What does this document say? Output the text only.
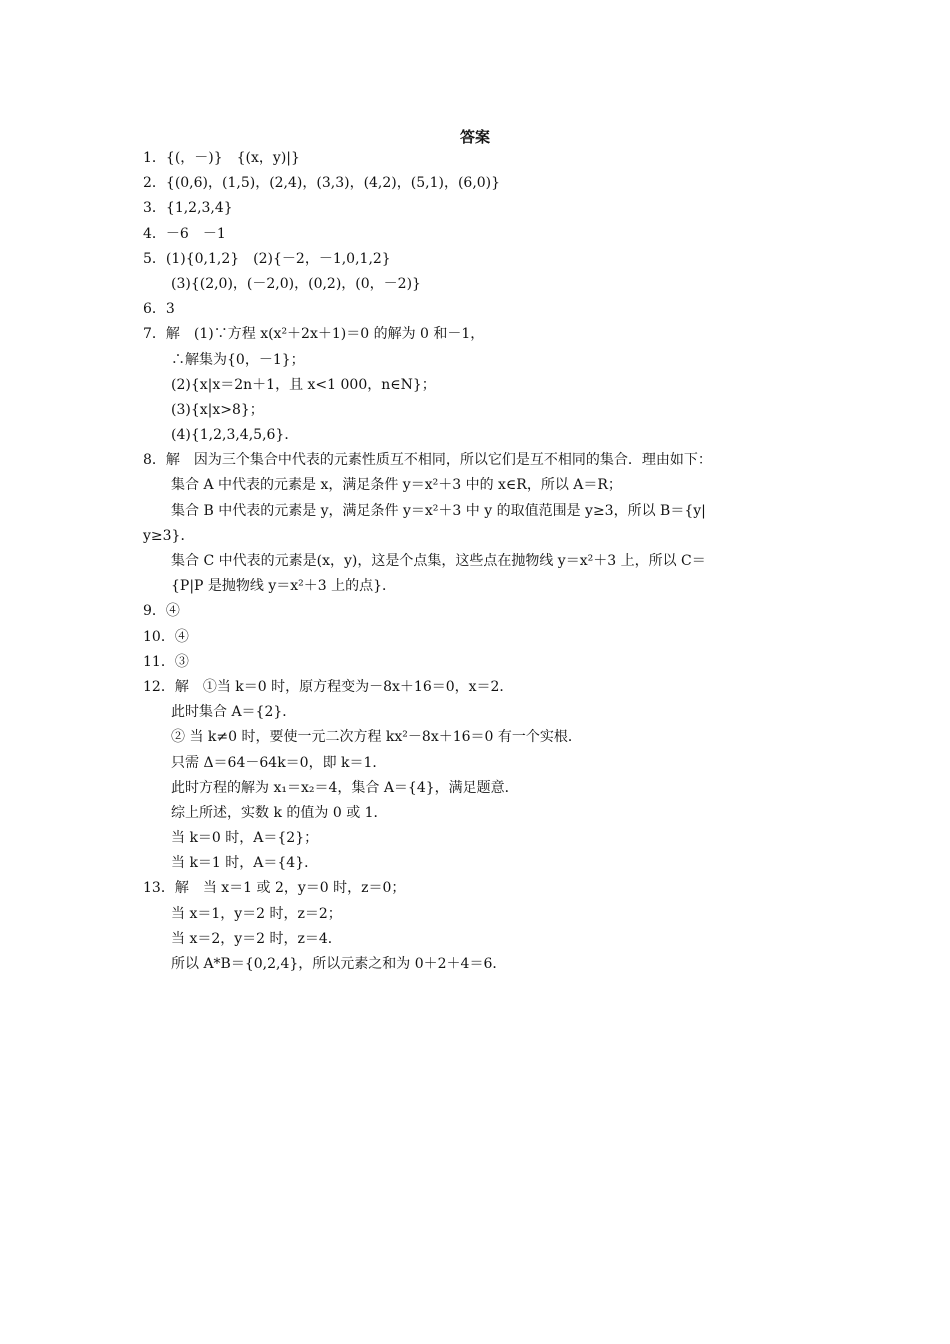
答案
1．{(，－)}　{(x，y)|}
2．{(0,6)，(1,5)，(2,4)，(3,3)，(4,2)，(5,1)，(6,0)}
3．{1,2,3,4}
4．－6　－1
5．(1){0,1,2}　(2){－2，－1,0,1,2}
(3){(2,0)，(－2,0)，(0,2)，(0，－2)}
6．3
7．解　(1)∵方程 x(x²＋2x＋1)＝0 的解为 0 和－1，
∴解集为{0，－1}；
(2){x|x＝2n＋1，且 x<1 000，n∈N}；
(3){x|x>8}；
(4){1,2,3,4,5,6}．
8．解　因为三个集合中代表的元素性质互不相同，所以它们是互不相同的集合．理由如下：
集合 A 中代表的元素是 x，满足条件 y＝x²＋3 中的 x∈R，所以 A＝R；
集合 B 中代表的元素是 y，满足条件 y＝x²＋3 中 y 的取值范围是 y≥3，所以 B＝{y|
y≥3}．
集合 C 中代表的元素是(x，y)，这是个点集，这些点在抛物线 y＝x²＋3 上，所以 C＝
{P|P 是抛物线 y＝x²＋3 上的点}．
9．④
10．④
11．③
12．解　①当 k＝0 时，原方程变为－8x＋16＝0，x＝2．
此时集合 A＝{2}．
② 当 k≠0 时，要使一元二次方程 kx²－8x＋16＝0 有一个实根．
只需 Δ＝64－64k＝0，即 k＝1．
此时方程的解为 x₁＝x₂＝4，集合 A＝{4}，满足题意．
综上所述，实数 k 的值为 0 或 1．
当 k＝0 时，A＝{2}；
当 k＝1 时，A＝{4}．
13．解　当 x＝1 或 2，y＝0 时，z＝0；
当 x＝1，y＝2 时，z＝2；
当 x＝2，y＝2 时，z＝4．
所以 A*B＝{0,2,4}，所以元素之和为 0＋2＋4＝6．
